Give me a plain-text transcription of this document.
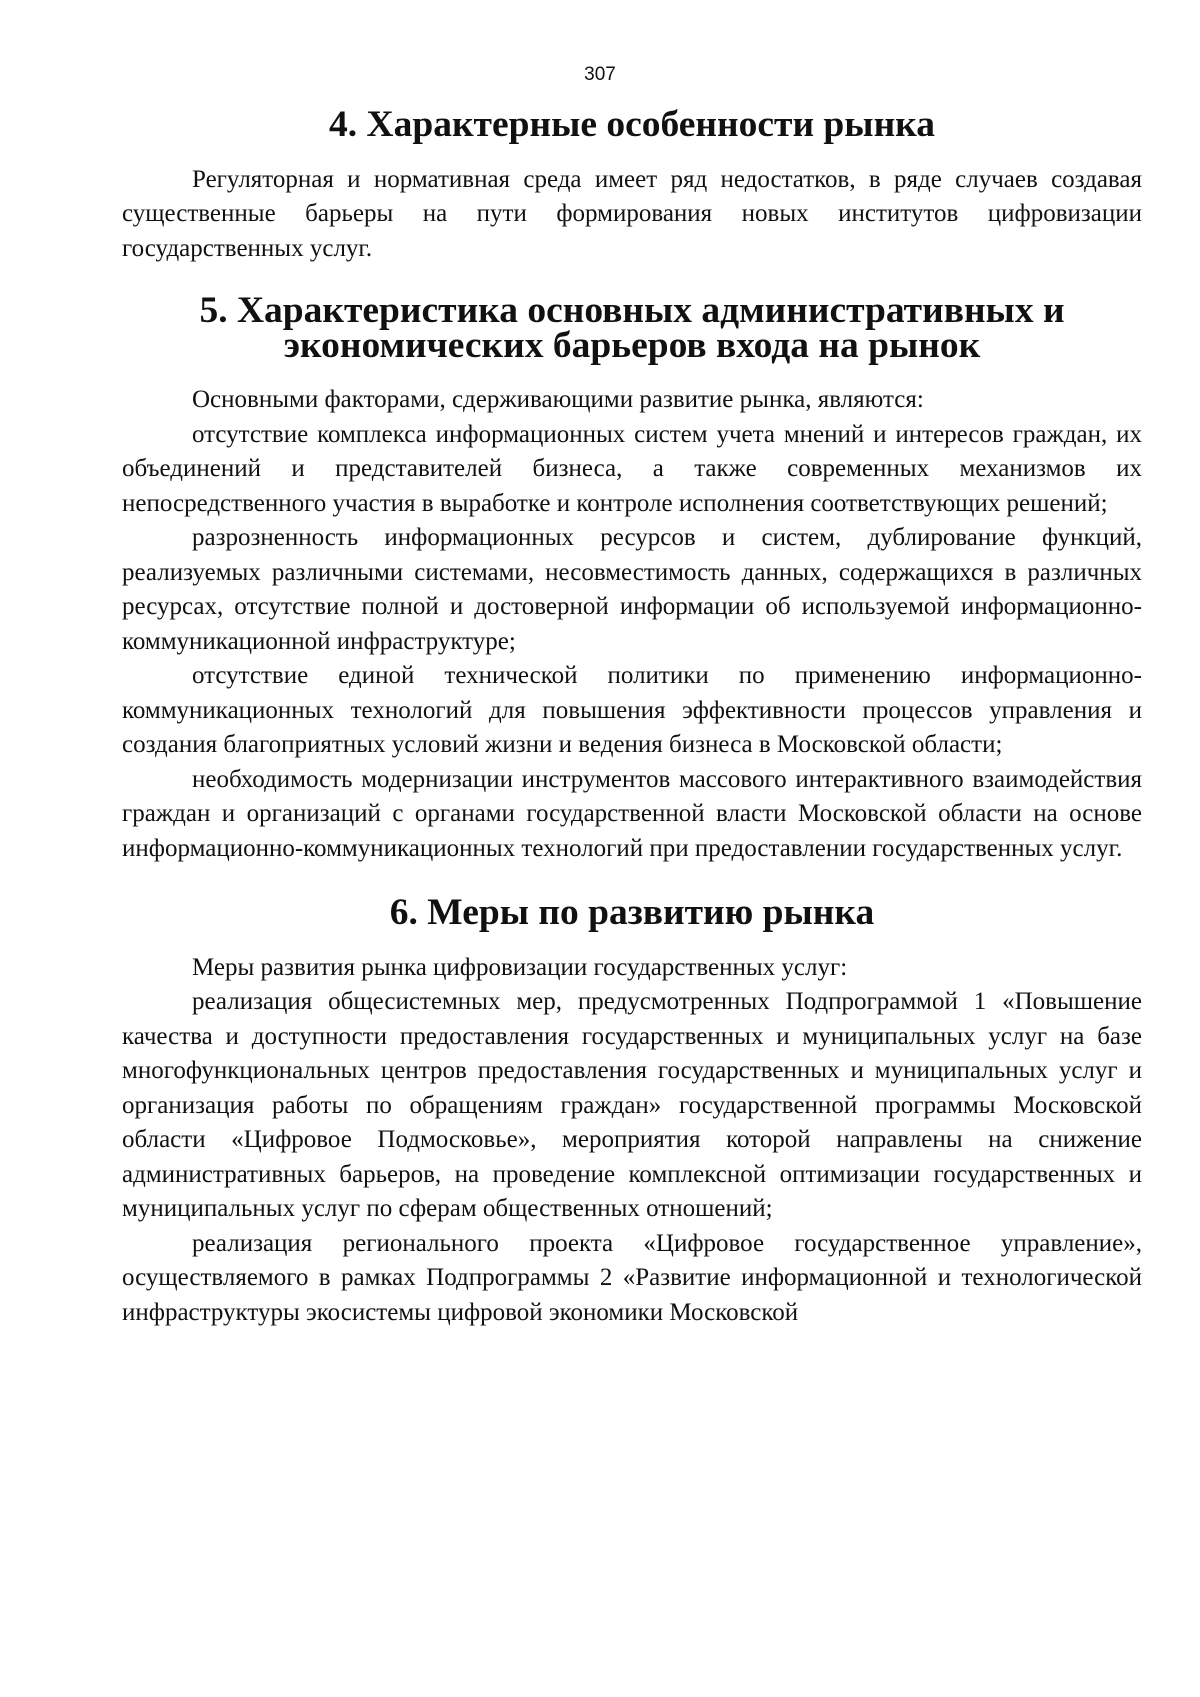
307
4. Характерные особенности рынка

Регуляторная и нормативная среда имеет ряд недостатков, в ряде случаев создавая существенные барьеры на пути формирования новых институтов цифровизации государственных услуг.

5. Характеристика основных административных и экономических барьеров входа на рынок

Основными факторами, сдерживающими развитие рынка, являются:

отсутствие комплекса информационных систем учета мнений и интересов граждан, их объединений и представителей бизнеса, а также современных механизмов их непосредственного участия в выработке и контроле исполнения соответствующих решений;

разрозненность информационных ресурсов и систем, дублирование функций, реализуемых различными системами, несовместимость данных, содержащихся в различных ресурсах, отсутствие полной и достоверной информации об используемой информационно-коммуникационной инфраструктуре;

отсутствие единой технической политики по применению информационно-коммуникационных технологий для повышения эффективности процессов управления и создания благоприятных условий жизни и ведения бизнеса в Московской области;

необходимость модернизации инструментов массового интерактивного взаимодействия граждан и организаций с органами государственной власти Московской области на основе информационно-коммуникационных технологий при предоставлении государственных услуг.

6. Меры по развитию рынка

Меры развития рынка цифровизации государственных услуг:

реализация общесистемных мер, предусмотренных Подпрограммой 1 «Повышение качества и доступности предоставления государственных и муниципальных услуг на базе многофункциональных центров предоставления государственных и муниципальных услуг и организация работы по обращениям граждан» государственной программы Московской области «Цифровое Подмосковье», мероприятия которой направлены на снижение административных барьеров, на проведение комплексной оптимизации государственных и муниципальных услуг по сферам общественных отношений;

реализация регионального проекта «Цифровое государственное управление», осуществляемого в рамках Подпрограммы 2 «Развитие информационной и технологической инфраструктуры экосистемы цифровой экономики Московской
